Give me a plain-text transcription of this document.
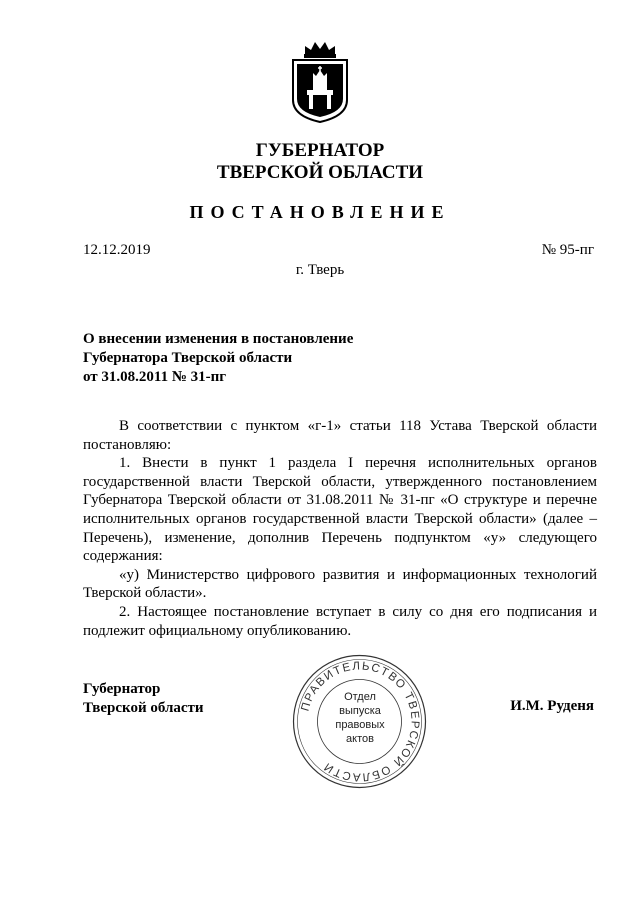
ГУБЕРНАТОР
ТВЕРСКОЙ ОБЛАСТИ
ПОСТАНОВЛЕНИЕ
12.12.2019	№ 95-пг
г. Тверь
О внесении изменения в постановление
Губернатора Тверской области
от 31.08.2011 № 31-пг

В соответствии с пунктом «г-1» статьи 118 Устава Тверской области постановляю:

1. Внести в пункт 1 раздела I перечня исполнительных органов государственной власти Тверской области, утвержденного постановлением Губернатора Тверской области от 31.08.2011 № 31-пг «О структуре и перечне исполнительных органов государственной власти Тверской области» (далее – Перечень), изменение, дополнив Перечень подпунктом «у» следующего содержания:

«у) Министерство цифрового развития и информационных технологий Тверской области».

2. Настоящее постановление вступает в силу со дня его подписания и подлежит официальному опубликованию.

Губернатор
Тверской области	И.М. Руденя
ПРАВИТЕЛЬСТВО ТВЕРСКОЙ ОБЛАСТИ
Отдел
выпуска
правовых
актов
